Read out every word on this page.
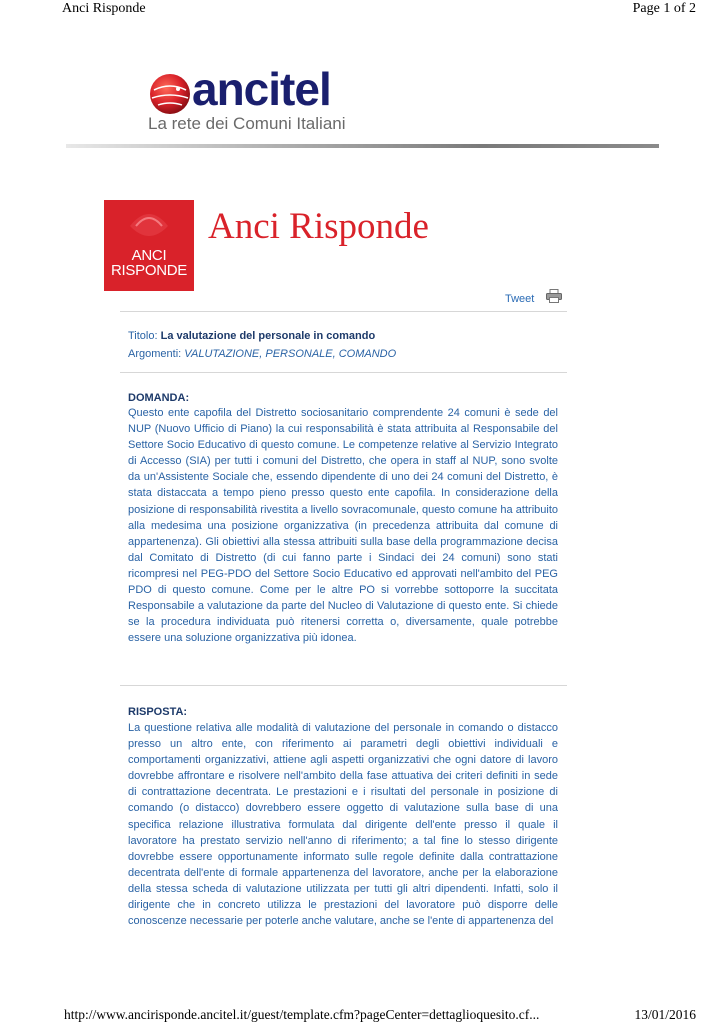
Anci Risponde	Page 1 of 2
ancitel
La rete dei Comuni Italiani
ANCI
RISPONDE
Anci Risponde
Tweet
Titolo: La valutazione del personale in comando
Argomenti: VALUTAZIONE, PERSONALE, COMANDO
DOMANDA:
Questo ente capofila del Distretto sociosanitario comprendente 24 comuni è sede del NUP (Nuovo Ufficio di Piano) la cui responsabilità è stata attribuita al Responsabile del Settore Socio Educativo di questo comune. Le competenze relative al Servizio Integrato di Accesso (SIA) per tutti i comuni del Distretto, che opera in staff al NUP, sono svolte da un'Assistente Sociale che, essendo dipendente di uno dei 24 comuni del Distretto, è stata distaccata a tempo pieno presso questo ente capofila. In considerazione della posizione di responsabilità rivestita a livello sovracomunale, questo comune ha attribuito alla medesima una posizione organizzativa (in precedenza attribuita dal comune di appartenenza). Gli obiettivi alla stessa attribuiti sulla base della programmazione decisa dal Comitato di Distretto (di cui fanno parte i Sindaci dei 24 comuni) sono stati ricompresi nel PEG-PDO del Settore Socio Educativo ed approvati nell'ambito del PEG PDO di questo comune. Come per le altre PO si vorrebbe sottoporre la succitata Responsabile a valutazione da parte del Nucleo di Valutazione di questo ente. Si chiede se la procedura individuata può ritenersi corretta o, diversamente, quale potrebbe essere una soluzione organizzativa più idonea.
RISPOSTA:
La questione relativa alle modalità di valutazione del personale in comando o distacco presso un altro ente, con riferimento ai parametri degli obiettivi individuali e comportamenti organizzativi, attiene agli aspetti organizzativi che ogni datore di lavoro dovrebbe affrontare e risolvere nell'ambito della fase attuativa dei criteri definiti in sede di contrattazione decentrata. Le prestazioni e i risultati del personale in posizione di comando (o distacco) dovrebbero essere oggetto di valutazione sulla base di una specifica relazione illustrativa formulata dal dirigente dell'ente presso il quale il lavoratore ha prestato servizio nell'anno di riferimento; a tal fine lo stesso dirigente dovrebbe essere opportunamente informato sulle regole definite dalla contrattazione decentrata dell'ente di formale appartenenza del lavoratore, anche per la elaborazione della stessa scheda di valutazione utilizzata per tutti gli altri dipendenti. Infatti, solo il dirigente che in concreto utilizza le prestazioni del lavoratore può disporre delle conoscenze necessarie per poterle anche valutare, anche se l'ente di appartenenza del
http://www.ancirisponde.ancitel.it/guest/template.cfm?pageCenter=dettaglioquesito.cf...	13/01/2016
